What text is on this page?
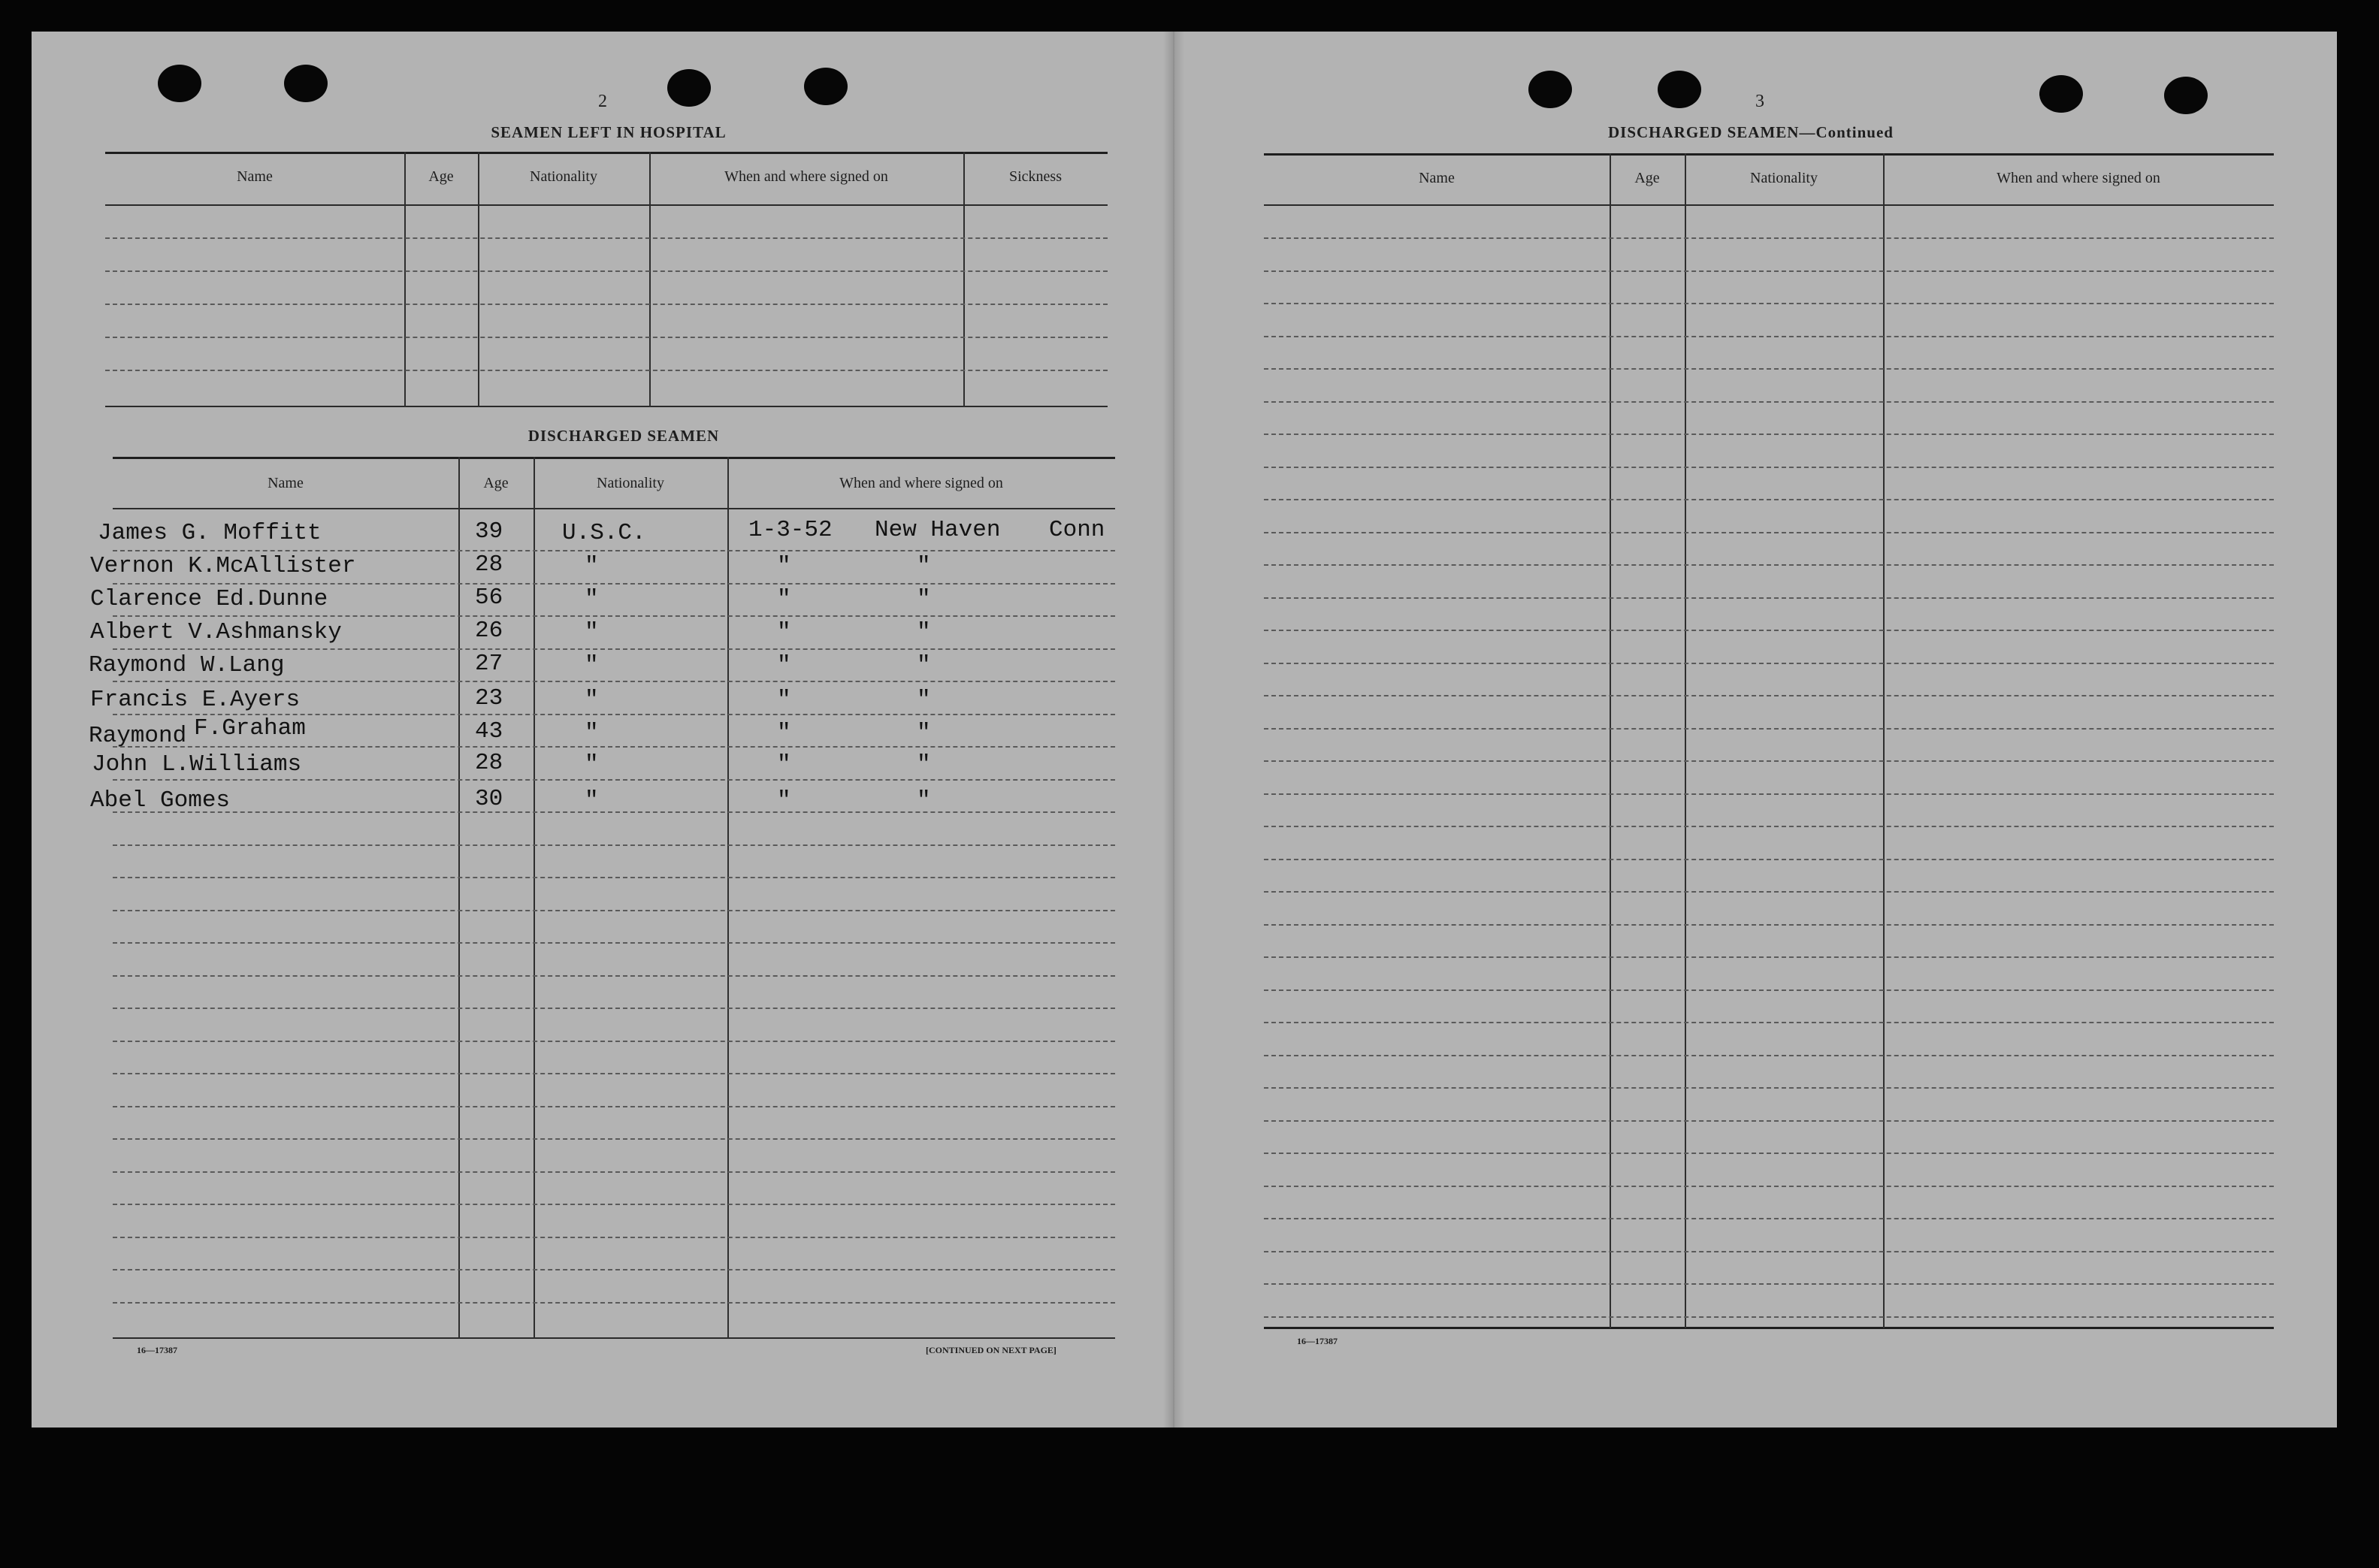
2
SEAMEN LEFT IN HOSPITAL
Name	Age	Nationality	When and where signed on	Sickness
DISCHARGED SEAMEN
Name	Age	Nationality	When and where signed on
James G. Moffitt	39	U.S.C.	1-3-52 New Haven Conn
Vernon K.McAllister	28	"	"	"
Clarence Ed.Dunne	56	"	"	"
Albert V.Ashmansky	26	"	"	"
Raymond W.Lang	27	"	"	"
Francis E.Ayers	23	"	"	"
Raymond F.Graham	43	"	"	"
John L.Williams	28	"	"	"
Abel Gomes	30	"	"	"
16—17387	[CONTINUED ON NEXT PAGE]
3
DISCHARGED SEAMEN—Continued
Name	Age	Nationality	When and where signed on
16—17387
